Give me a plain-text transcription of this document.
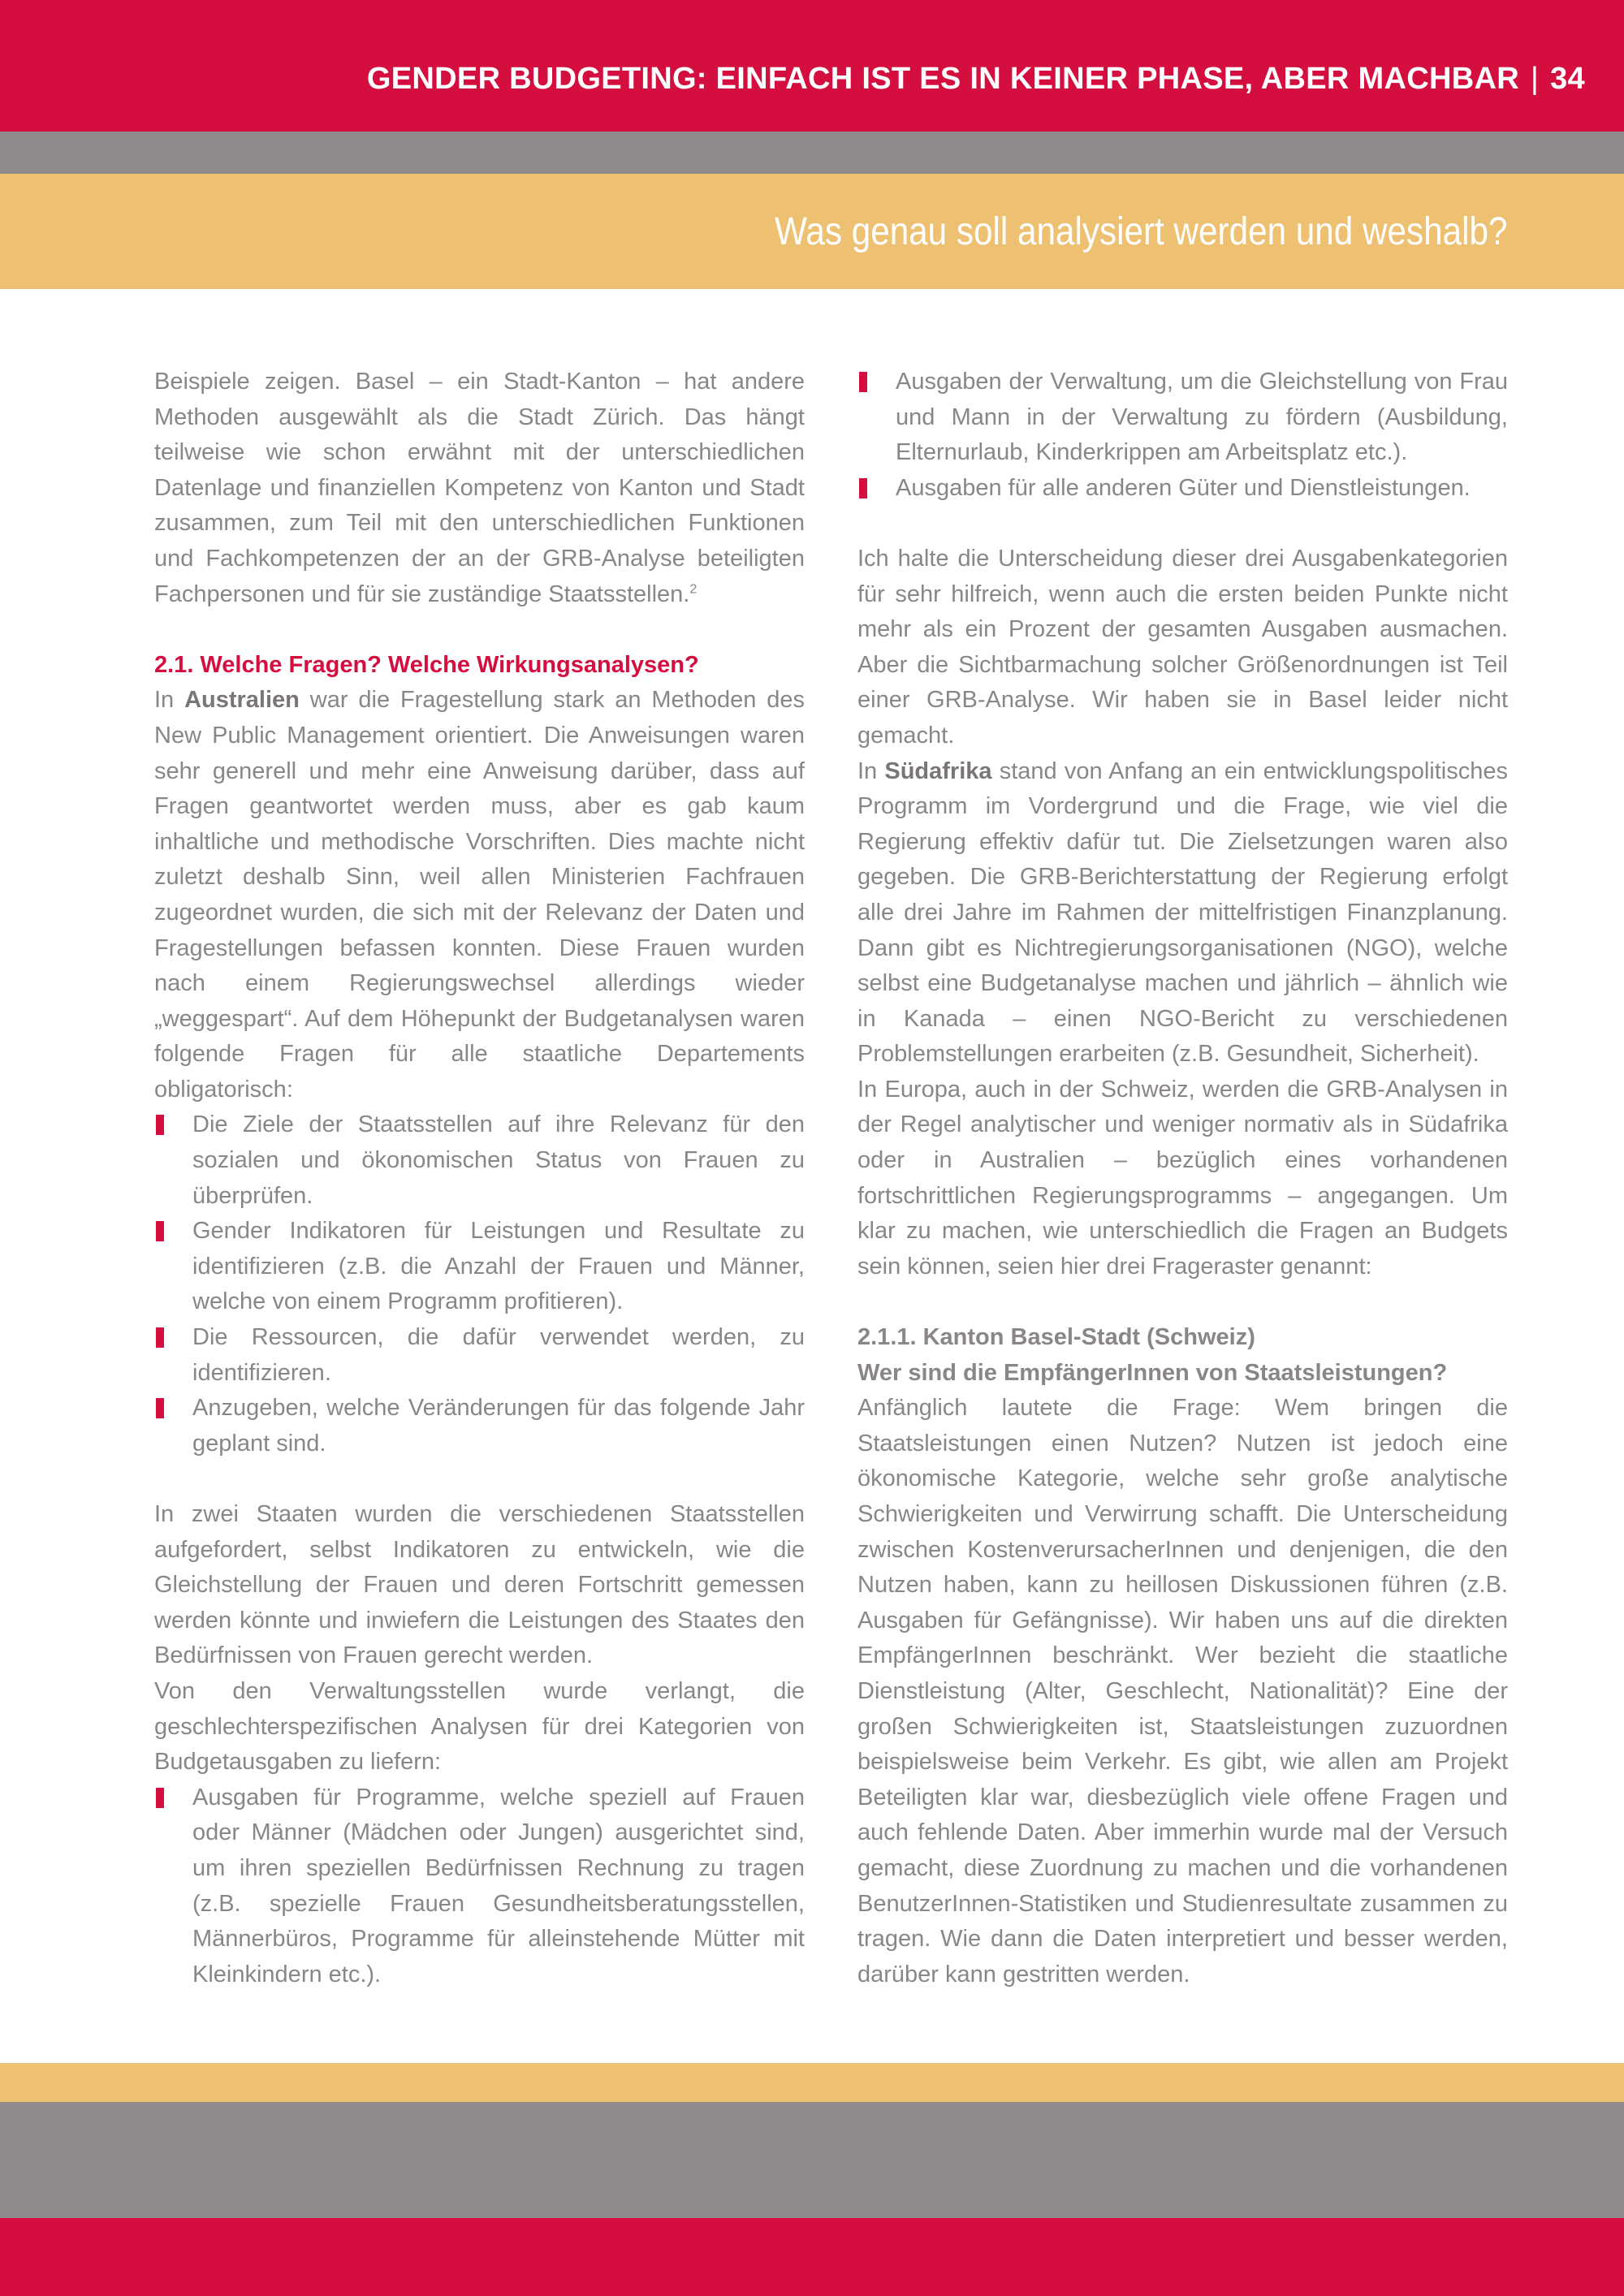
GENDER BUDGETING: EINFACH IST ES IN KEINER PHASE, ABER MACHBAR | 34
Was genau soll analysiert werden und weshalb?

Beispiele zeigen. Basel – ein Stadt-Kanton – hat andere Methoden ausgewählt als die Stadt Zürich. Das hängt teilweise wie schon erwähnt mit der unterschiedlichen Datenlage und finanziellen Kompetenz von Kanton und Stadt zusammen, zum Teil mit den unterschiedlichen Funktionen und Fachkompetenzen der an der GRB-Analyse beteiligten Fachpersonen und für sie zuständige Staatsstellen.$^2$

2.1. Welche Fragen? Welche Wirkungsanalysen?

In Australien war die Fragestellung stark an Methoden des New Public Management orientiert. Die Anweisungen waren sehr generell und mehr eine Anweisung darüber, dass auf Fragen geantwortet werden muss, aber es gab kaum inhaltliche und methodische Vorschriften. Dies machte nicht zuletzt deshalb Sinn, weil allen Ministerien Fachfrauen zugeordnet wurden, die sich mit der Relevanz der Daten und Fragestellungen befassen konnten. Diese Frauen wurden nach einem Regierungswechsel allerdings wieder „weggespart“. Auf dem Höhepunkt der Budgetanalysen waren folgende Fragen für alle staatliche Departements obligatorisch:

Die Ziele der Staatsstellen auf ihre Relevanz für den sozialen und ökonomischen Status von Frauen zu überprüfen.
Gender Indikatoren für Leistungen und Resultate zu identifizieren (z.B. die Anzahl der Frauen und Männer, welche von einem Programm profitieren).
Die Ressourcen, die dafür verwendet werden, zu identifizieren.
Anzugeben, welche Veränderungen für das folgende Jahr geplant sind.

In zwei Staaten wurden die verschiedenen Staatsstellen aufgefordert, selbst Indikatoren zu entwickeln, wie die Gleichstellung der Frauen und deren Fortschritt gemessen werden könnte und inwiefern die Leistungen des Staates den Bedürfnissen von Frauen gerecht werden.

Von den Verwaltungsstellen wurde verlangt, die geschlechterspezifischen Analysen für drei Kategorien von Budgetausgaben zu liefern:

Ausgaben für Programme, welche speziell auf Frauen oder Männer (Mädchen oder Jungen) ausgerichtet sind, um ihren speziellen Bedürfnissen Rechnung zu tragen (z.B. spezielle Frauen Gesundheitsberatungsstellen, Männerbüros, Programme für alleinstehende Mütter mit Kleinkindern etc.).
Ausgaben der Verwaltung, um die Gleichstellung von Frau und Mann in der Verwaltung zu fördern (Ausbildung, Elternurlaub, Kinderkrippen am Arbeitsplatz etc.).
Ausgaben für alle anderen Güter und Dienstleistungen.

Ich halte die Unterscheidung dieser drei Ausgabenkategorien für sehr hilfreich, wenn auch die ersten beiden Punkte nicht mehr als ein Prozent der gesamten Ausgaben ausmachen. Aber die Sichtbarmachung solcher Größenordnungen ist Teil einer GRB-Analyse. Wir haben sie in Basel leider nicht gemacht.

In Südafrika stand von Anfang an ein entwicklungspolitisches Programm im Vordergrund und die Frage, wie viel die Regierung effektiv dafür tut. Die Zielsetzungen waren also gegeben. Die GRB-Berichterstattung der Regierung erfolgt alle drei Jahre im Rahmen der mittelfristigen Finanzplanung. Dann gibt es Nichtregierungsorganisationen (NGO), welche selbst eine Budgetanalyse machen und jährlich – ähnlich wie in Kanada – einen NGO-Bericht zu verschiedenen Problemstellungen erarbeiten (z.B. Gesundheit, Sicherheit).

In Europa, auch in der Schweiz, werden die GRB-Analysen in der Regel analytischer und weniger normativ als in Südafrika oder in Australien – bezüglich eines vorhandenen fortschrittlichen Regierungsprogramms – angegangen. Um klar zu machen, wie unterschiedlich die Fragen an Budgets sein können, seien hier drei Frageraster genannt:

2.1.1. Kanton Basel-Stadt (Schweiz)

Wer sind die EmpfängerInnen von Staatsleistungen?

Anfänglich lautete die Frage: Wem bringen die Staatsleistungen einen Nutzen? Nutzen ist jedoch eine ökonomische Kategorie, welche sehr große analytische Schwierigkeiten und Verwirrung schafft. Die Unterscheidung zwischen KostenverursacherInnen und denjenigen, die den Nutzen haben, kann zu heillosen Diskussionen führen (z.B. Ausgaben für Gefängnisse). Wir haben uns auf die direkten EmpfängerInnen beschränkt. Wer bezieht die staatliche Dienstleistung (Alter, Geschlecht, Nationalität)? Eine der großen Schwierigkeiten ist, Staatsleistungen zuzuordnen beispielsweise beim Verkehr. Es gibt, wie allen am Projekt Beteiligten klar war, diesbezüglich viele offene Fragen und auch fehlende Daten. Aber immerhin wurde mal der Versuch gemacht, diese Zuordnung zu machen und die vorhandenen BenutzerInnen-Statistiken und Studienresultate zusammen zu tragen. Wie dann die Daten interpretiert und besser werden, darüber kann gestritten werden.
